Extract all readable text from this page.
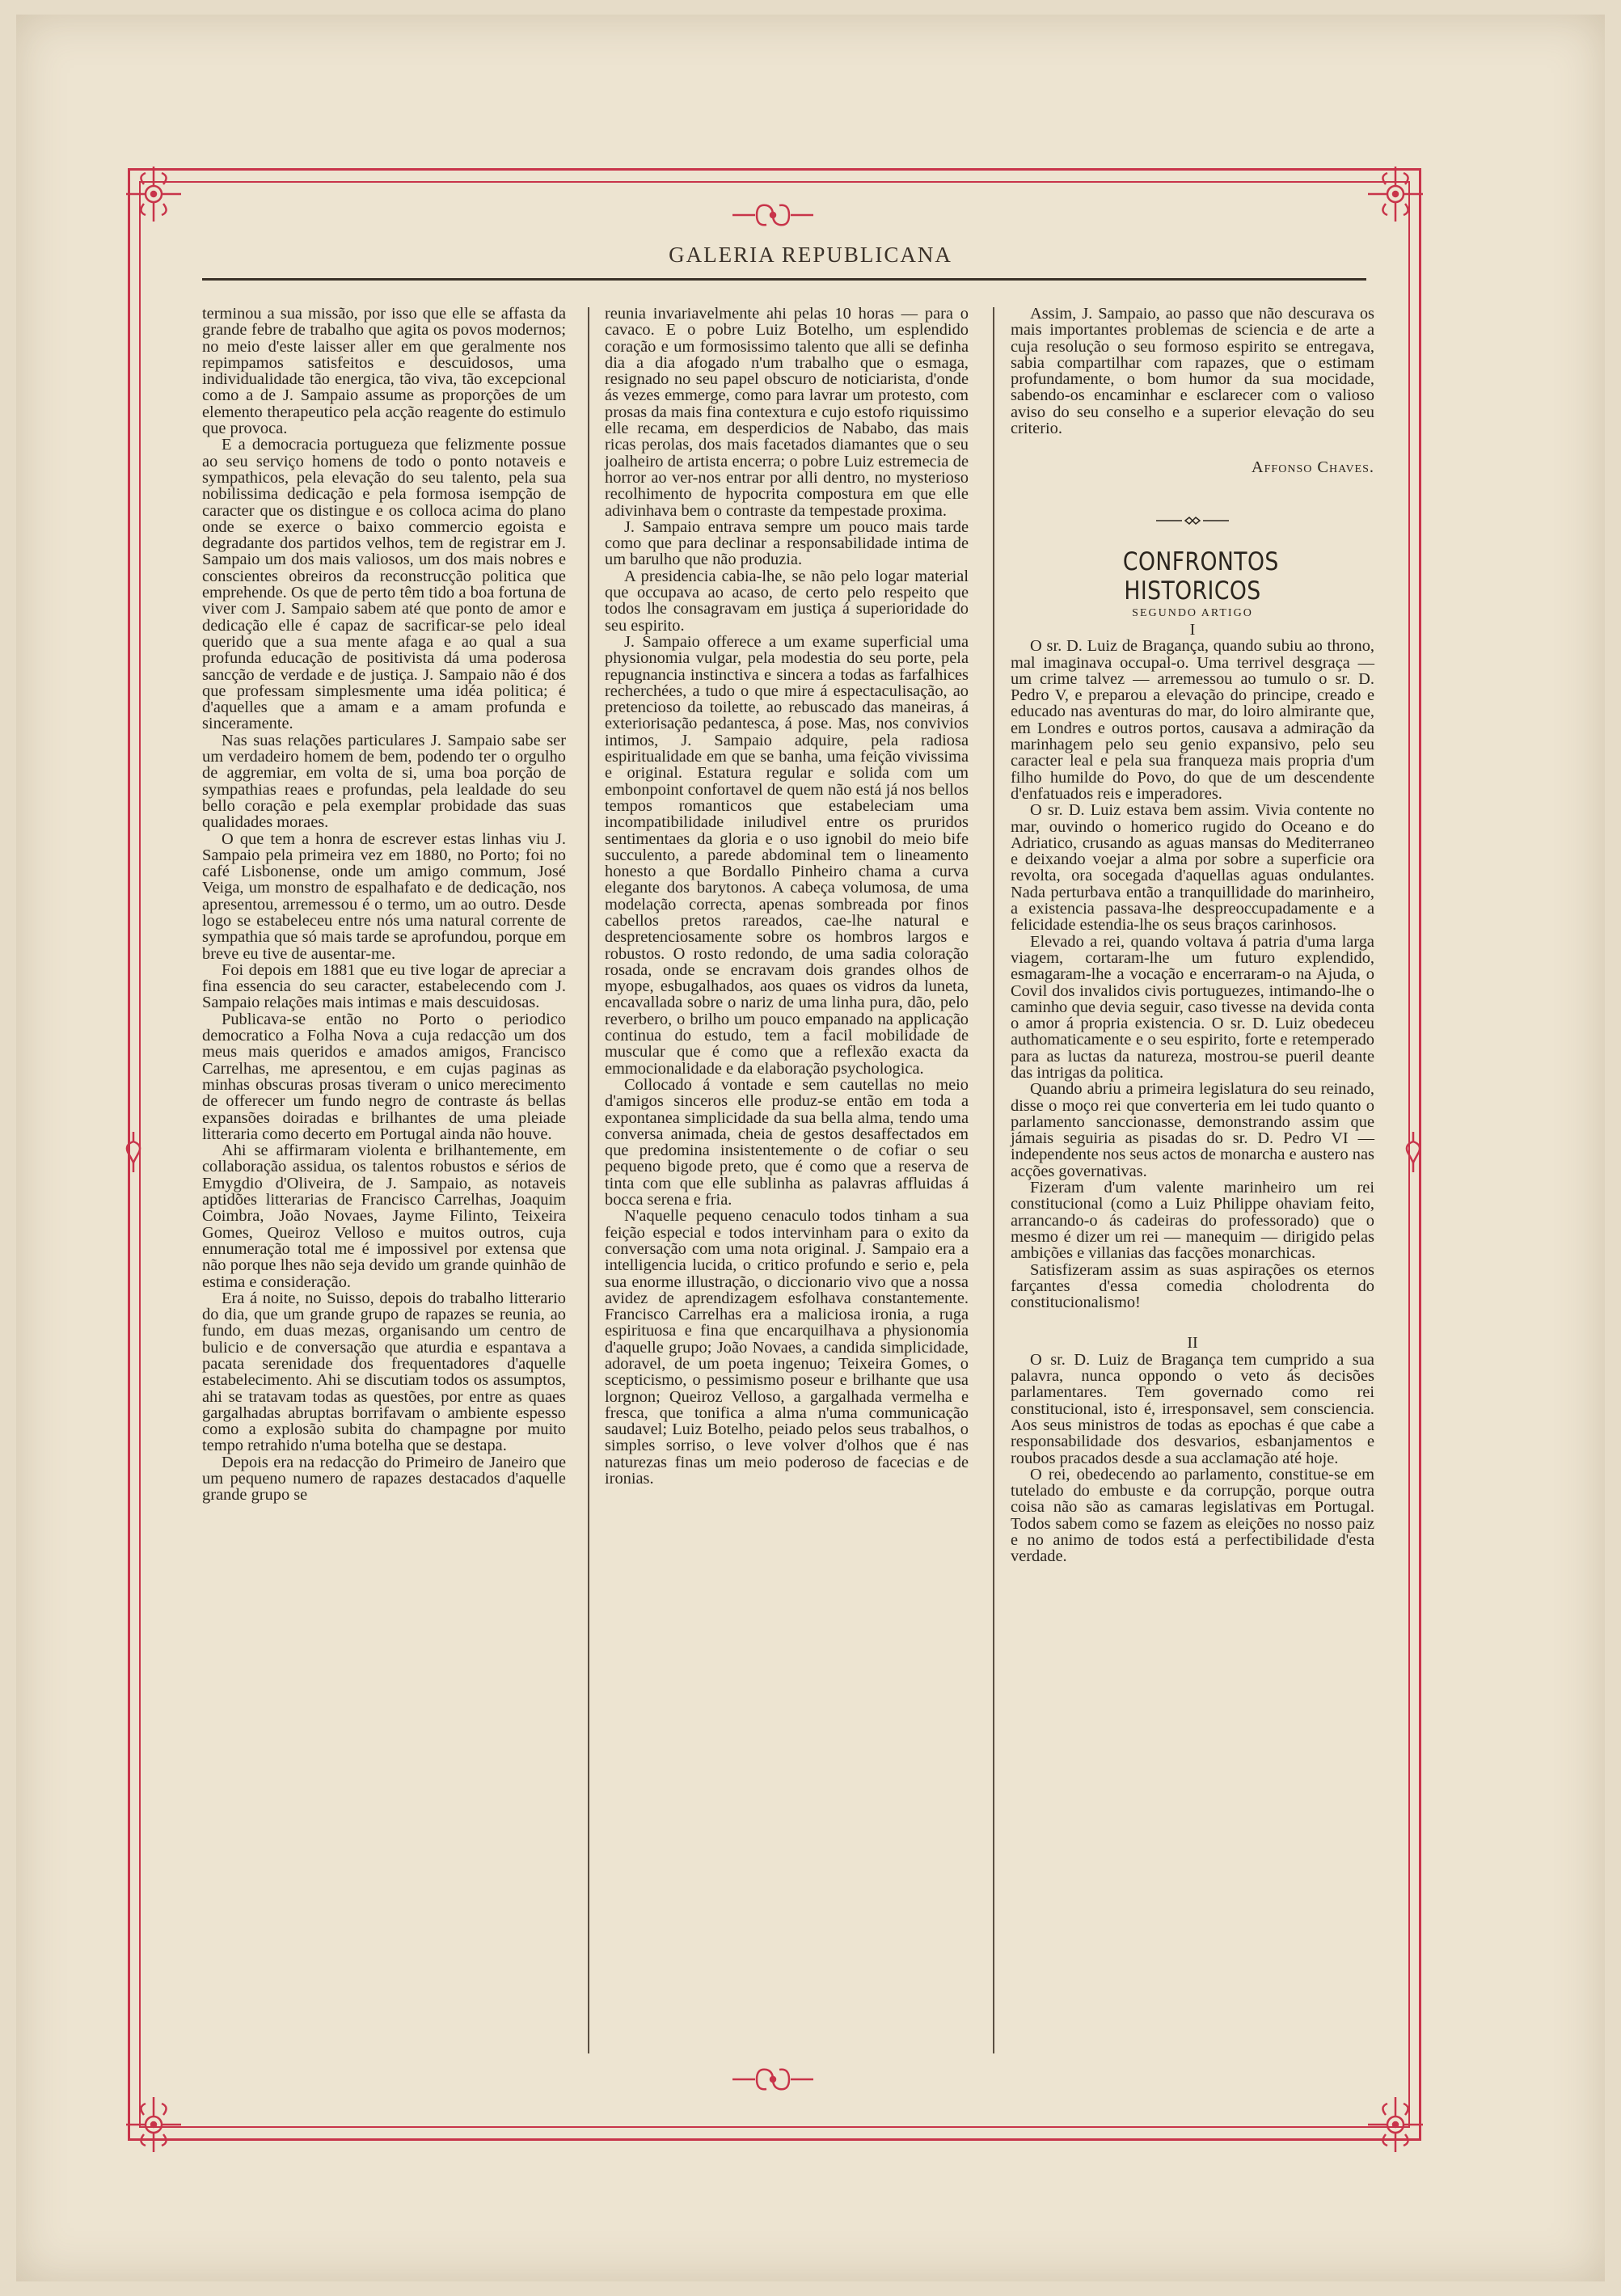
GALERIA REPUBLICANA

terminou a sua missão, por isso que elle se affasta da grande febre de trabalho que agita os povos modernos; no meio d'este laisser aller em que geralmente nos repimpamos satisfeitos e descuidosos, uma individualidade tão energica, tão viva, tão excepcional como a de J. Sampaio assume as proporções de um elemento therapeutico pela acção reagente do estimulo que provoca.

E a democracia portugueza que felizmente possue ao seu serviço homens de todo o ponto notaveis e sympathicos, pela elevação do seu talento, pela sua nobilissima dedicação e pela formosa isempção de caracter que os distingue e os colloca acima do plano onde se exerce o baixo commercio egoista e degradante dos partidos velhos, tem de registrar em J. Sampaio um dos mais valiosos, um dos mais nobres e conscientes obreiros da reconstrucção politica que emprehende. Os que de perto têm tido a boa fortuna de viver com J. Sampaio sabem até que ponto de amor e dedicação elle é capaz de sacrificar-se pelo ideal querido que a sua mente afaga e ao qual a sua profunda educação de positivista dá uma poderosa sancção de verdade e de justiça. J. Sampaio não é dos que professam simplesmente uma idéa politica; é d'aquelles que a amam e a amam profunda e sinceramente.

Nas suas relações particulares J. Sampaio sabe ser um verdadeiro homem de bem, podendo ter o orgulho de aggremiar, em volta de si, uma boa porção de sympathias reaes e profundas, pela lealdade do seu bello coração e pela exemplar probidade das suas qualidades moraes.

O que tem a honra de escrever estas linhas viu J. Sampaio pela primeira vez em 1880, no Porto; foi no café Lisbonense, onde um amigo commum, José Veiga, um monstro de espalhafato e de dedicação, nos apresentou, arremessou é o termo, um ao outro. Desde logo se estabeleceu entre nós uma natural corrente de sympathia que só mais tarde se aprofundou, porque em breve eu tive de ausentar-me.

Foi depois em 1881 que eu tive logar de apreciar a fina essencia do seu caracter, estabelecendo com J. Sampaio relações mais intimas e mais descuidosas.

Publicava-se então no Porto o periodico democratico a Folha Nova a cuja redacção um dos meus mais queridos e amados amigos, Francisco Carrelhas, me apresentou, e em cujas paginas as minhas obscuras prosas tiveram o unico merecimento de offerecer um fundo negro de contraste ás bellas expansões doiradas e brilhantes de uma pleiade litteraria como decerto em Portugal ainda não houve.

Ahi se affirmaram violenta e brilhantemente, em collaboração assidua, os talentos robustos e sérios de Emygdio d'Oliveira, de J. Sampaio, as notaveis aptidões litterarias de Francisco Carrelhas, Joaquim Coimbra, João Novaes, Jayme Filinto, Teixeira Gomes, Queiroz Velloso e muitos outros, cuja ennumeração total me é impossivel por extensa que não porque lhes não seja devido um grande quinhão de estima e consideração.

Era á noite, no Suisso, depois do trabalho litterario do dia, que um grande grupo de rapazes se reunia, ao fundo, em duas mezas, organisando um centro de bulicio e de conversação que aturdia e espantava a pacata serenidade dos frequentadores d'aquelle estabelecimento. Ahi se discutiam todos os assumptos, ahi se tratavam todas as questões, por entre as quaes gargalhadas abruptas borrifavam o ambiente espesso como a explosão subita do champagne por muito tempo retrahido n'uma botelha que se destapa.

Depois era na redacção do Primeiro de Janeiro que um pequeno numero de rapazes destacados d'aquelle grande grupo se

reunia invariavelmente ahi pelas 10 horas — para o cavaco. E o pobre Luiz Botelho, um esplendido coração e um formosissimo talento que alli se definha dia a dia afogado n'um trabalho que o esmaga, resignado no seu papel obscuro de noticiarista, d'onde ás vezes emmerge, como para lavrar um protesto, com prosas da mais fina contextura e cujo estofo riquissimo elle recama, em desperdicios de Nababo, das mais ricas perolas, dos mais facetados diamantes que o seu joalheiro de artista encerra; o pobre Luiz estremecia de horror ao ver-nos entrar por alli dentro, no mysterioso recolhimento de hypocrita compostura em que elle adivinhava bem o contraste da tempestade proxima.

J. Sampaio entrava sempre um pouco mais tarde como que para declinar a responsabilidade intima de um barulho que não produzia.

A presidencia cabia-lhe, se não pelo logar material que occupava ao acaso, de certo pelo respeito que todos lhe consagravam em justiça á superioridade do seu espirito.

J. Sampaio offerece a um exame superficial uma physionomia vulgar, pela modestia do seu porte, pela repugnancia instinctiva e sincera a todas as farfalhices recherchées, a tudo o que mire á espectaculisação, ao pretencioso da toilette, ao rebuscado das maneiras, á exteriorisação pedantesca, á pose. Mas, nos convivios intimos, J. Sampaio adquire, pela radiosa espiritualidade em que se banha, uma feição vivissima e original. Estatura regular e solida com um embonpoint confortavel de quem não está já nos bellos tempos romanticos que estabeleciam uma incompatibilidade iniludivel entre os pruridos sentimentaes da gloria e o uso ignobil do meio bife succulento, a parede abdominal tem o lineamento honesto a que Bordallo Pinheiro chama a curva elegante dos barytonos. A cabeça volumosa, de uma modelação correcta, apenas sombreada por finos cabellos pretos rareados, cae-lhe natural e despretenciosamente sobre os hombros largos e robustos. O rosto redondo, de uma sadia coloração rosada, onde se encravam dois grandes olhos de myope, esbugalhados, aos quaes os vidros da luneta, encavallada sobre o nariz de uma linha pura, dão, pelo reverbero, o brilho um pouco empanado na applicação continua do estudo, tem a facil mobilidade de muscular que é como que a reflexão exacta da emmocionalidade e da elaboração psychologica.

Collocado á vontade e sem cautellas no meio d'amigos sinceros elle produz-se então em toda a expontanea simplicidade da sua bella alma, tendo uma conversa animada, cheia de gestos desaffectados em que predomina insistentemente o de cofiar o seu pequeno bigode preto, que é como que a reserva de tinta com que elle sublinha as palavras affluidas á bocca serena e fria.

N'aquelle pequeno cenaculo todos tinham a sua feição especial e todos intervinham para o exito da conversação com uma nota original. J. Sampaio era a intelligencia lucida, o critico profundo e serio e, pela sua enorme illustração, o diccionario vivo que a nossa avidez de aprendizagem esfolhava constantemente. Francisco Carrelhas era a maliciosa ironia, a ruga espirituosa e fina que encarquilhava a physionomia d'aquelle grupo; João Novaes, a candida simplicidade, adoravel, de um poeta ingenuo; Teixeira Gomes, o scepticismo, o pessimismo poseur e brilhante que usa lorgnon; Queiroz Velloso, a gargalhada vermelha e fresca, que tonifica a alma n'uma communicação saudavel; Luiz Botelho, peiado pelos seus trabalhos, o simples sorriso, o leve volver d'olhos que é nas naturezas finas um meio poderoso de facecias e de ironias.

Assim, J. Sampaio, ao passo que não descurava os mais importantes problemas de sciencia e de arte a cuja resolução o seu formoso espirito se entregava, sabia compartilhar com rapazes, que o estimam profundamente, o bom humor da sua mocidade, sabendo-os encaminhar e esclarecer com o valioso aviso do seu conselho e a superior elevação do seu criterio.

Affonso Chaves.

CONFRONTOS HISTORICOS

SEGUNDO ARTIGO

I

O sr. D. Luiz de Bragança, quando subiu ao throno, mal imaginava occupal-o. Uma terrivel desgraça — um crime talvez — arremessou ao tumulo o sr. D. Pedro V, e preparou a elevação do principe, creado e educado nas aventuras do mar, do loiro almirante que, em Londres e outros portos, causava a admiração da marinhagem pelo seu genio expansivo, pelo seu caracter leal e pela sua franqueza mais propria d'um filho humilde do Povo, do que de um descendente d'enfatuados reis e imperadores.

O sr. D. Luiz estava bem assim. Vivia contente no mar, ouvindo o homerico rugido do Oceano e do Adriatico, crusando as aguas mansas do Mediterraneo e deixando voejar a alma por sobre a superficie ora revolta, ora socegada d'aquellas aguas ondulantes. Nada perturbava então a tranquillidade do marinheiro, a existencia passava-lhe despreoccupadamente e a felicidade estendia-lhe os seus braços carinhosos.

Elevado a rei, quando voltava á patria d'uma larga viagem, cortaram-lhe um futuro explendido, esmagaram-lhe a vocação e encerraram-o na Ajuda, o Covil dos invalidos civis portuguezes, intimando-lhe o caminho que devia seguir, caso tivesse na devida conta o amor á propria existencia. O sr. D. Luiz obedeceu authomaticamente e o seu espirito, forte e retemperado para as luctas da natureza, mostrou-se pueril deante das intrigas da politica.

Quando abriu a primeira legislatura do seu reinado, disse o moço rei que converteria em lei tudo quanto o parlamento sanccionasse, demonstrando assim que jámais seguiria as pisadas do sr. D. Pedro VI — independente nos seus actos de monarcha e austero nas acções governativas.

Fizeram d'um valente marinheiro um rei constitucional (como a Luiz Philippe ohaviam feito, arrancando-o ás cadeiras do professorado) que o mesmo é dizer um rei — manequim — dirigido pelas ambições e villanias das facções monarchicas.

Satisfizeram assim as suas aspirações os eternos farçantes d'essa comedia cholodrenta do constitucionalismo!

II

O sr. D. Luiz de Bragança tem cumprido a sua palavra, nunca oppondo o veto ás decisões parlamentares. Tem governado como rei constitucional, isto é, irresponsavel, sem consciencia. Aos seus ministros de todas as epochas é que cabe a responsabilidade dos desvarios, esbanjamentos e roubos pracados desde a sua acclamação até hoje.

O rei, obedecendo ao parlamento, constitue-se em tutelado do embuste e da corrupção, porque outra coisa não são as camaras legislativas em Portugal. Todos sabem como se fazem as eleições no nosso paiz e no animo de todos está a perfectibilidade d'esta verdade.
